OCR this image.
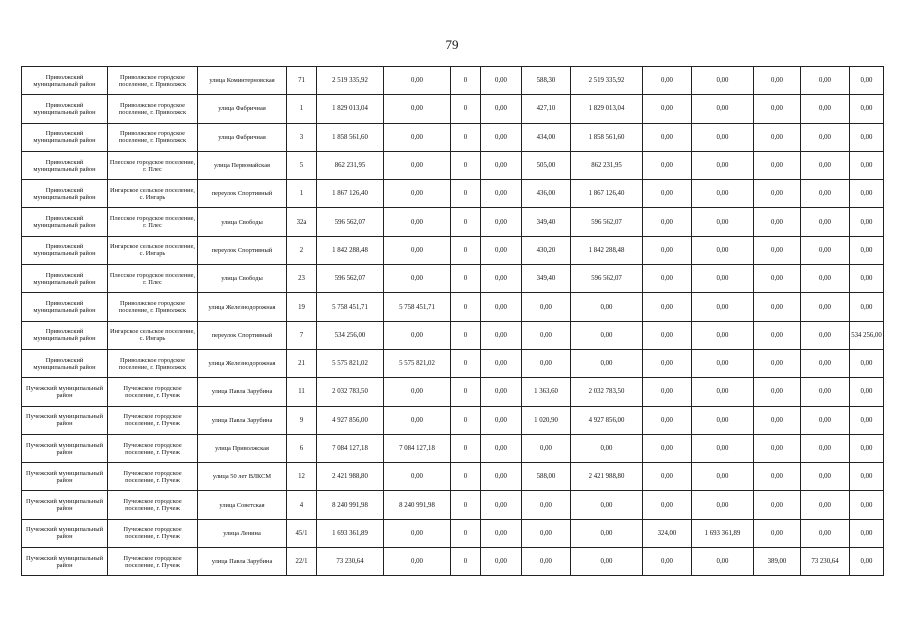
79
Приволжский муниципальный район	Приволжское городское поселение, г. Приволжск	улица Коминтерновская	71	2 519 335,92	0,00	0	0,00	588,30	2 519 335,92	0,00	0,00	0,00	0,00	0,00
Приволжский муниципальный район	Приволжское городское поселение, г. Приволжск	улица Фабричная	1	1 829 013,04	0,00	0	0,00	427,10	1 829 013,04	0,00	0,00	0,00	0,00	0,00
Приволжский муниципальный район	Приволжское городское поселение, г. Приволжск	улица Фабричная	3	1 858 561,60	0,00	0	0,00	434,00	1 858 561,60	0,00	0,00	0,00	0,00	0,00
Приволжский муниципальный район	Плесское городское поселение, г. Плес	улица Первомайская	5	862 231,95	0,00	0	0,00	505,00	862 231,95	0,00	0,00	0,00	0,00	0,00
Приволжский муниципальный район	Ингарское сельское поселение, с. Ингарь	переулок Спортивный	1	1 867 126,40	0,00	0	0,00	436,00	1 867 126,40	0,00	0,00	0,00	0,00	0,00
Приволжский муниципальный район	Плесское городское поселение, г. Плес	улица Свободы	32а	596 562,07	0,00	0	0,00	349,40	596 562,07	0,00	0,00	0,00	0,00	0,00
Приволжский муниципальный район	Ингарское сельское поселение, с. Ингарь	переулок Спортивный	2	1 842 288,48	0,00	0	0,00	430,20	1 842 288,48	0,00	0,00	0,00	0,00	0,00
Приволжский муниципальный район	Плесское городское поселение, г. Плес	улица Свободы	23	596 562,07	0,00	0	0,00	349,40	596 562,07	0,00	0,00	0,00	0,00	0,00
Приволжский муниципальный район	Приволжское городское поселение, г. Приволжск	улица Железнодорожная	19	5 758 451,71	5 758 451,71	0	0,00	0,00	0,00	0,00	0,00	0,00	0,00	0,00
Приволжский муниципальный район	Ингарское сельское поселение, с. Ингарь	переулок Спортивный	7	534 256,00	0,00	0	0,00	0,00	0,00	0,00	0,00	0,00	0,00	534 256,00
Приволжский муниципальный район	Приволжское городское поселение, г. Приволжск	улица Железнодорожная	21	5 575 821,02	5 575 821,02	0	0,00	0,00	0,00	0,00	0,00	0,00	0,00	0,00
Пучежский муниципальный район	Пучежское городское поселение, г. Пучеж	улица Павла Зарубина	11	2 032 783,50	0,00	0	0,00	1 363,60	2 032 783,50	0,00	0,00	0,00	0,00	0,00
Пучежский муниципальный район	Пучежское городское поселение, г. Пучеж	улица Павла Зарубина	9	4 927 856,00	0,00	0	0,00	1 020,90	4 927 856,00	0,00	0,00	0,00	0,00	0,00
Пучежский муниципальный район	Пучежское городское поселение, г. Пучеж	улица Приволжская	6	7 084 127,18	7 084 127,18	0	0,00	0,00	0,00	0,00	0,00	0,00	0,00	0,00
Пучежский муниципальный район	Пучежское городское поселение, г. Пучеж	улица 50 лет ВЛКСМ	12	2 421 988,80	0,00	0	0,00	588,00	2 421 988,80	0,00	0,00	0,00	0,00	0,00
Пучежский муниципальный район	Пучежское городское поселение, г. Пучеж	улица Советская	4	8 240 991,98	8 240 991,98	0	0,00	0,00	0,00	0,00	0,00	0,00	0,00	0,00
Пучежский муниципальный район	Пучежское городское поселение, г. Пучеж	улица Ленина	45/1	1 693 361,89	0,00	0	0,00	0,00	0,00	324,00	1 693 361,89	0,00	0,00	0,00
Пучежский муниципальный район	Пучежское городское поселение, г. Пучеж	улица Павла Зарубина	22/1	73 230,64	0,00	0	0,00	0,00	0,00	0,00	0,00	389,00	73 230,64	0,00
